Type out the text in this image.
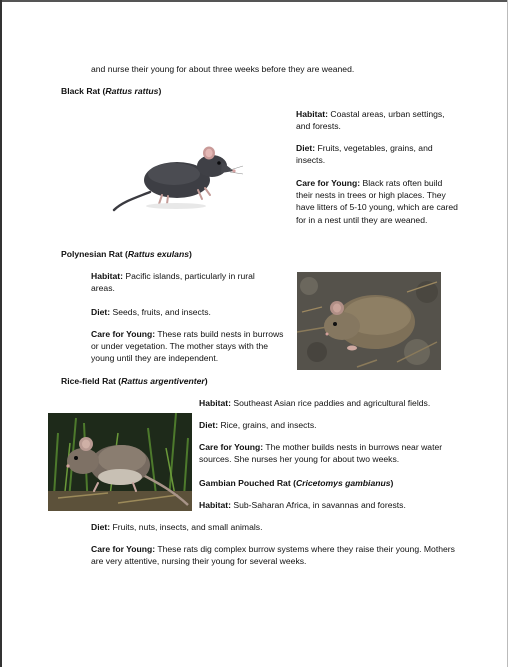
and nurse their young for about three weeks before they are weaned.
Black Rat (Rattus rattus)
Habitat: Coastal areas, urban settings, and forests.
Diet: Fruits, vegetables, grains, and insects.
Care for Young: Black rats often build their nests in trees or high places. They have litters of 5-10 young, which are cared for in a nest until they are weaned.
Polynesian Rat (Rattus exulans)
Habitat: Pacific islands, particularly in rural areas.
Diet: Seeds, fruits, and insects.
Care for Young: These rats build nests in burrows or under vegetation. The mother stays with the young until they are independent.
Rice-field Rat (Rattus argentiventer)
Habitat: Southeast Asian rice paddies and agricultural fields.
Diet: Rice, grains, and insects.
Care for Young: The mother builds nests in burrows near water sources. She nurses her young for about two weeks.
Gambian Pouched Rat (Cricetomys gambianus)
Habitat: Sub-Saharan Africa, in savannas and forests.
Diet: Fruits, nuts, insects, and small animals.
Care for Young: These rats dig complex burrow systems where they raise their young. Mothers are very attentive, nursing their young for several weeks.
